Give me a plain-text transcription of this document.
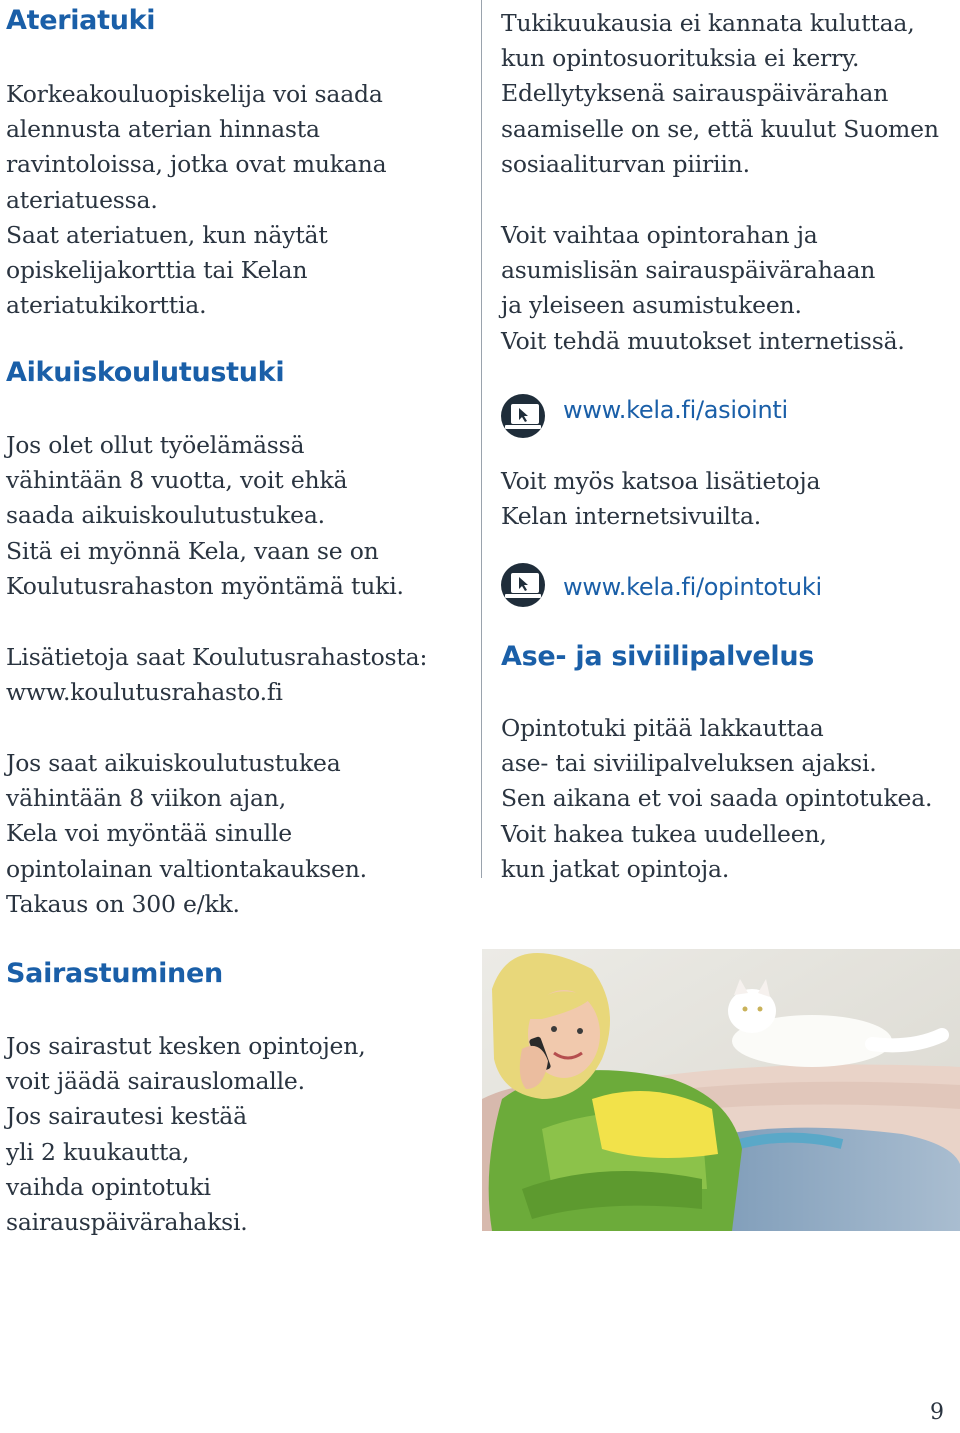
Ateriatuki
Korkeakouluopiskelija voi saada
alennusta aterian hinnasta
ravintoloissa, jotka ovat mukana
ateriatuessa.
Saat ateriatuen, kun näytät
opiskelijakorttia tai Kelan
ateriatukikorttia.
Aikuiskoulutustuki
Jos olet ollut työelämässä
vähintään 8 vuotta, voit ehkä
saada aikuiskoulutustukea.
Sitä ei myönnä Kela, vaan se on
Koulutusrahaston myöntämä tuki.
Lisätietoja saat Koulutusrahastosta:
www.koulutusrahasto.fi
Jos saat aikuiskoulutustukea
vähintään 8 viikon ajan,
Kela voi myöntää sinulle
opintolainan valtiontakauksen.
Takaus on 300 e/kk.
Sairastuminen
Jos sairastut kesken opintojen,
voit jäädä sairauslomalle.
Jos sairautesi kestää
yli 2 kuukautta,
vaihda opintotuki
sairauspäivärahaksi.
Tukikuukausia ei kannata kuluttaa,
kun opintosuorituksia ei kerry.
Edellytyksenä sairauspäivärahan
saamiselle on se, että kuulut Suomen
sosiaaliturvan piiriin.
Voit vaihtaa opintorahan ja
asumislisän sairauspäivärahaan
ja yleiseen asumistukeen.
Voit tehdä muutokset internetissä.
www.kela.fi/asiointi
Voit myös katsoa lisätietoja
Kelan internetsivuilta.
www.kela.fi/opintotuki
Ase- ja siviilipalvelus
Opintotuki pitää lakkauttaa
ase- tai siviilipalveluksen ajaksi.
Sen aikana et voi saada opintotukea.
Voit hakea tukea uudelleen,
kun jatkat opintoja.
9
